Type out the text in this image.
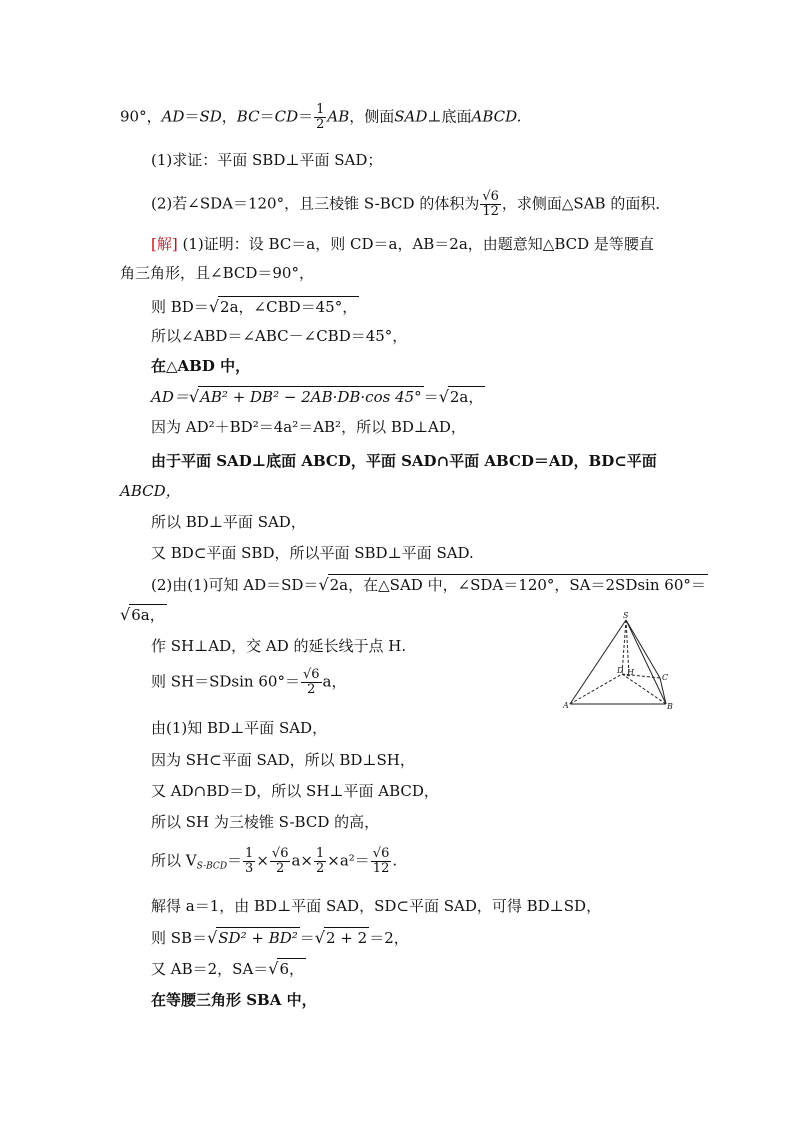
90°，AD＝SD，$BC=CD= \frac{1}{2}$ AB，侧面SAD⊥底面ABCD.
(1)求证：平面 SBD⊥平面 SAD；
(2)若∠SDA＝120°，且三棱锥 S-BCD 的体积为 $\frac{√6}{12}$ ，求侧面△SAB 的面积．
[解] (1)证明：设 BC＝a，则 CD＝a，AB＝2a，由题意知△BCD 是等腰直
角三角形，且∠BCD＝90°，
则 BD＝√2a，∠CBD＝45°，
所以∠ABD＝∠ABC－∠CBD＝45°，
在△ABD 中，
AD＝√AB² + DB² − 2AB·DB·cos 45° ＝√2a，
因为 AD²＋BD²＝4a²＝AB²，所以 BD⊥AD，
由于平面 SAD⊥底面 ABCD，平面 SAD∩平面 ABCD＝AD，BD⊂平面
ABCD，
所以 BD⊥平面 SAD，
又 BD⊂平面 SBD，所以平面 SBD⊥平面 SAD.
(2)由(1)可知 AD＝SD＝√2a，在△SAD 中，∠SDA＝120°，SA＝2SDsin 60°＝
√6a，
作 SH⊥AD，交 AD 的延长线于点 H.
则 SH＝SDsin $60^\circ= \frac{√6}{2}$ a，
由(1)知 BD⊥平面 SAD，
因为 SH⊂平面 SAD，所以 BD⊥SH，
又 AD∩BD＝D，所以 SH⊥平面 ABCD，
所以 SH 为三棱锥 S-BCD 的高，
所以 $V_{S-BCD}= \frac{1}{3} \times \frac{√6}{2} a\times \frac{1}{2} \times a^2= \frac{√6}{12}$ .
解得 a＝1，由 BD⊥平面 SAD，SD⊂平面 SAD，可得 BD⊥SD，
则 SB＝√SD² + BD² ＝√2 + 2 ＝2，
又 AB＝2，SA＝√6，
在等腰三角形 SBA 中，
S
D H
C
A	B
